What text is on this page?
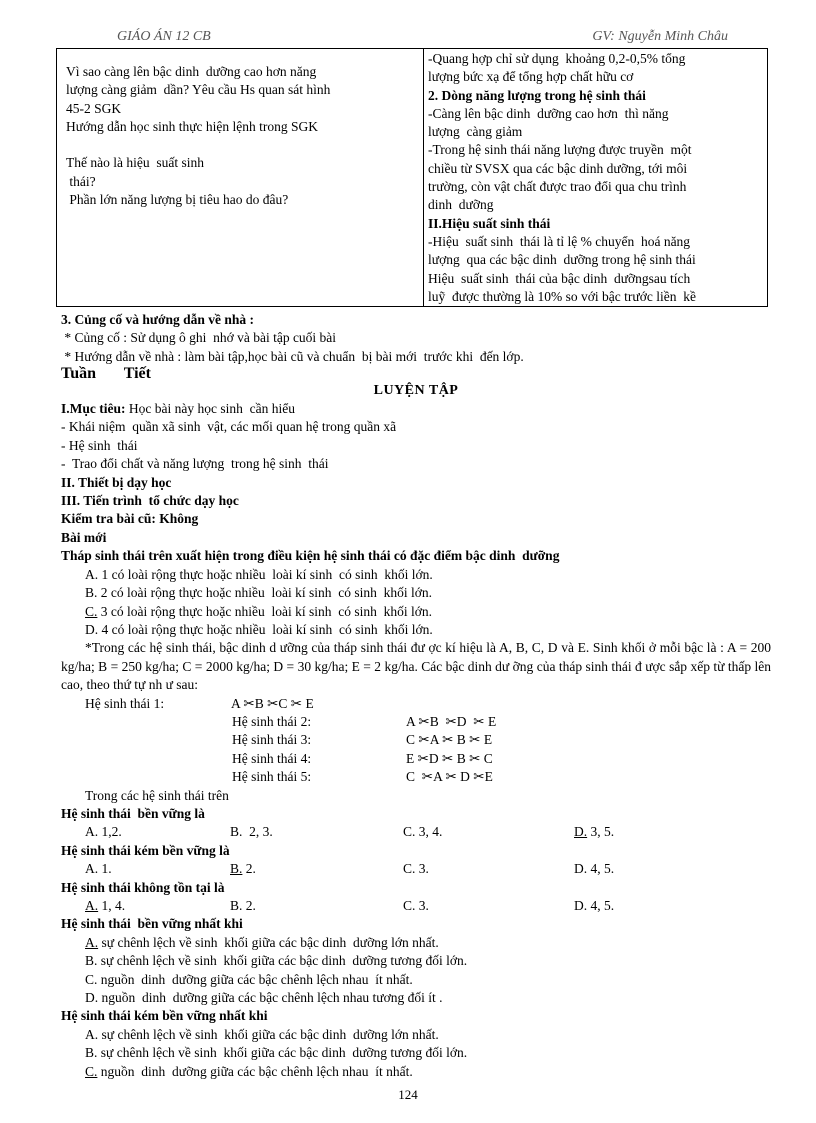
GIÁO ÁN 12 CB	GV: Nguyễn Minh Châu
Vì sao càng lên bậc dinh  dưỡng cao hơn năng
lượng càng giảm  dần? Yêu cầu Hs quan sát hình
45-2 SGK
Hướng dẫn học sinh thực hiện lệnh trong SGK

Thế nào là hiệu  suất sinh
thái?
Phần lớn năng lượng bị tiêu hao do đâu?

-Quang hợp chỉ sử dụng  khoảng 0,2-0,5% tổng
lượng bức xạ để tổng hợp chất hữu cơ
2. Dòng năng lượng trong hệ sinh thái
-Càng lên bậc dinh  dưỡng cao hơn  thì năng
lượng  càng giảm
-Trong hệ sinh thái năng lượng được truyền  một
chiều từ SVSX qua các bậc dinh dưỡng, tới môi
trường, còn vật chất được trao đổi qua chu trình
dinh  dưỡng
II.Hiệu suất sinh thái
-Hiệu  suất sinh  thái là tỉ lệ % chuyển  hoá năng
lượng  qua các bậc dinh  dưỡng trong hệ sinh thái
Hiệu  suất sinh  thái của bậc dinh  dưỡngsau tích
luỹ  được thường là 10% so với bậc trước liền  kề
3. Củng cố và hướng dẫn về nhà :
* Củng cố : Sử dụng ô ghi  nhớ và bài tập cuối bài
* Hướng dẫn về nhà : làm bài tập,học bài cũ và chuẩn  bị bài mới  trước khi  đến lớp.
Tuần       Tiết
LUYỆN TẬP
I.Mục tiêu: Học bài này học sinh  cần hiểu
- Khái niệm  quần xã sinh  vật, các mối quan hệ trong quần xã
- Hệ sinh  thái
-  Trao đổi chất và năng lượng  trong hệ sinh  thái
II. Thiết bị dạy học
III. Tiến trình  tổ chức dạy học
Kiểm tra bài cũ: Không
Bài mới
Tháp sinh thái trên xuất hiện trong điều kiện hệ sinh thái có đặc điểm bậc dinh  dưỡng
A. 1 có loài rộng thực hoặc nhiều  loài kí sinh  có sinh  khối lớn.
B. 2 có loài rộng thực hoặc nhiều  loài kí sinh  có sinh  khối lớn.
C. 3 có loài rộng thực hoặc nhiều  loài kí sinh  có sinh  khối lớn.
D. 4 có loài rộng thực hoặc nhiều  loài kí sinh  có sinh  khối lớn.
*Trong các hệ sinh thái, bậc dinh d ưỡng của tháp sinh thái đư ợc kí hiệu là A, B, C, D và E. Sinh khối ở mỗi bậc là : A = 200 kg/ha; B = 250 kg/ha; C = 2000 kg/ha; D = 30 kg/ha; E = 2 kg/ha. Các bậc dinh dư ỡng của tháp sinh thái đ ược sắp xếp từ thấp lên cao, theo thứ tự nh ư sau:
Hệ sinh thái 1:	A ✂B ✂C ✂ E
Hệ sinh thái 2:	A ✂B  ✂D  ✂ E
Hệ sinh thái 3:	C ✂A ✂ B ✂ E
Hệ sinh thái 4:	E ✂D ✂ B ✂ C
Hệ sinh thái 5:	C  ✂A ✂ D ✂E
Trong các hệ sinh thái trên
Hệ sinh thái  bền vững là
A. 1,2.	B.  2, 3.	C. 3, 4.	D. 3, 5.
Hệ sinh thái kém bền vững là
A. 1.	B. 2.	C. 3.	D. 4, 5.
Hệ sinh thái không tồn tại là
A. 1, 4.	B. 2.	C. 3.	D. 4, 5.
Hệ sinh thái  bền vững nhất khi
A. sự chênh lệch về sinh  khối giữa các bậc dinh  dưỡng lớn nhất.
B. sự chênh lệch về sinh  khối giữa các bậc dinh  dưỡng tương đối lớn.
C. nguồn  dinh  dưỡng giữa các bậc chênh lệch nhau  ít nhất.
D. nguồn  dinh  dưỡng giữa các bậc chênh lệch nhau tương đối ít .
Hệ sinh thái kém bền vững nhất khi
A. sự chênh lệch về sinh  khối giữa các bậc dinh  dưỡng lớn nhất.
B. sự chênh lệch về sinh  khối giữa các bậc dinh  dưỡng tương đối lớn.
C. nguồn  dinh  dưỡng giữa các bậc chênh lệch nhau  ít nhất.
124
